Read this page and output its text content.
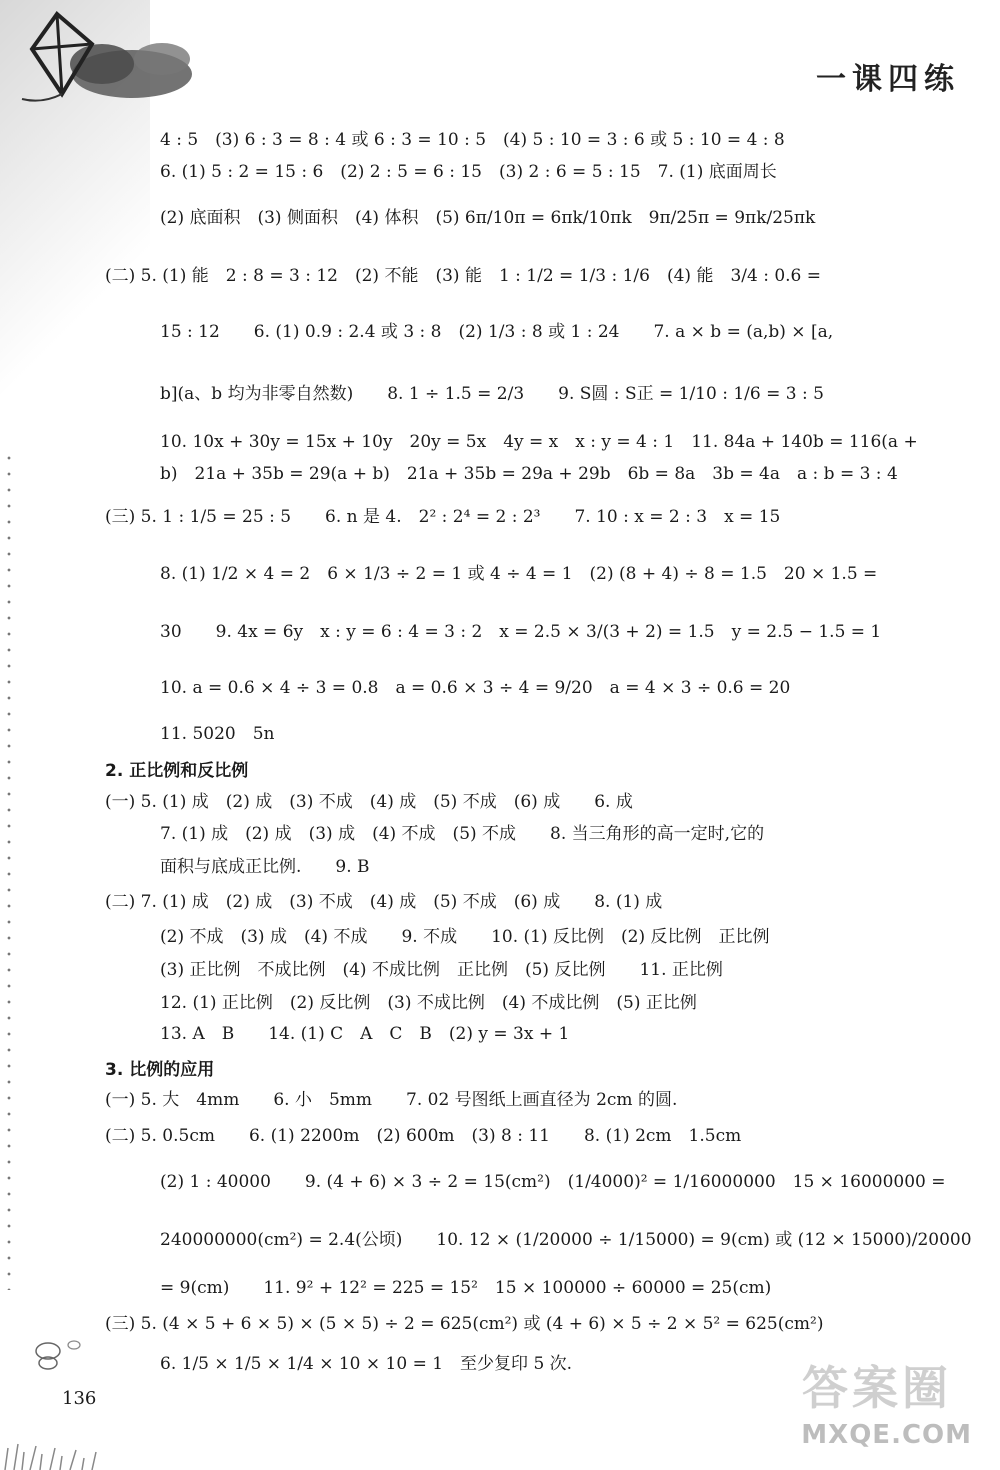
一课四练
4 : 5　(3) 6 : 3 = 8 : 4 或 6 : 3 = 10 : 5　(4) 5 : 10 = 3 : 6 或 5 : 10 = 4 : 8
6. (1) 5 : 2 = 15 : 6　(2) 2 : 5 = 6 : 15　(3) 2 : 6 = 5 : 15　7. (1) 底面周长
(2) 底面积　(3) 侧面积　(4) 体积　(5) 6π/10π = 6πk/10πk　9π/25π = 9πk/25πk
(二) 5. (1) 能　2 : 8 = 3 : 12　(2) 不能　(3) 能　1 : 1/2 = 1/3 : 1/6　(4) 能　3/4 : 0.6 =
15 : 12　　6. (1) 0.9 : 2.4 或 3 : 8　(2) 1/3 : 8 或 1 : 24　　7. a × b = (a,b) × [a,
b](a、b 均为非零自然数)　　8. 1 ÷ 1.5 = 2/3　　9. S圆 : S正 = 1/10 : 1/6 = 3 : 5
10. 10x + 30y = 15x + 10y　20y = 5x　4y = x　x : y = 4 : 1　11. 84a + 140b = 116(a +
b)　21a + 35b = 29(a + b)　21a + 35b = 29a + 29b　6b = 8a　3b = 4a　a : b = 3 : 4
(三) 5. 1 : 1/5 = 25 : 5　　6. n 是 4.　2² : 2⁴ = 2 : 2³　　7. 10 : x = 2 : 3　x = 15
8. (1) 1/2 × 4 = 2　6 × 1/3 ÷ 2 = 1 或 4 ÷ 4 = 1　(2) (8 + 4) ÷ 8 = 1.5　20 × 1.5 =
30　　9. 4x = 6y　x : y = 6 : 4 = 3 : 2　x = 2.5 × 3/(3 + 2) = 1.5　y = 2.5 − 1.5 = 1
10. a = 0.6 × 4 ÷ 3 = 0.8　a = 0.6 × 3 ÷ 4 = 9/20　a = 4 × 3 ÷ 0.6 = 20
11. 5020　5n
(一) 5. (1) 成　(2) 成　(3) 不成　(4) 成　(5) 不成　(6) 成　　6. 成
7. (1) 成　(2) 成　(3) 成　(4) 不成　(5) 不成　　8. 当三角形的高一定时,它的
面积与底成正比例.　　9. B
(二) 7. (1) 成　(2) 成　(3) 不成　(4) 成　(5) 不成　(6) 成　　8. (1) 成
(2) 不成　(3) 成　(4) 不成　　9. 不成　　10. (1) 反比例　(2) 反比例　正比例
(3) 正比例　不成比例　(4) 不成比例　正比例　(5) 反比例　　11. 正比例
12. (1) 正比例　(2) 反比例　(3) 不成比例　(4) 不成比例　(5) 正比例
13. A　B　　14. (1) C　A　C　B　(2) y = 3x + 1
(一) 5. 大　4mm　　6. 小　5mm　　7. 02 号图纸上画直径为 2cm 的圆.
(二) 5. 0.5cm　　6. (1) 2200m　(2) 600m　(3) 8 : 11　　8. (1) 2cm　1.5cm
(2) 1 : 40000　　9. (4 + 6) × 3 ÷ 2 = 15(cm²)　(1/4000)² = 1/16000000　15 × 16000000 =
240000000(cm²) = 2.4(公顷)　　10. 12 × (1/20000 ÷ 1/15000) = 9(cm) 或 (12 × 15000)/20000
= 9(cm)　　11. 9² + 12² = 225 = 15²　15 × 100000 ÷ 60000 = 25(cm)
(三) 5. (4 × 5 + 6 × 5) × (5 × 5) ÷ 2 = 625(cm²) 或 (4 + 6) × 5 ÷ 2 × 5² = 625(cm²)
6. 1/5 × 1/5 × 1/4 × 10 × 10 = 1　至少复印 5 次.
2. 正比例和反比例
3. 比例的应用
136	答案圈
MXQE.COM
